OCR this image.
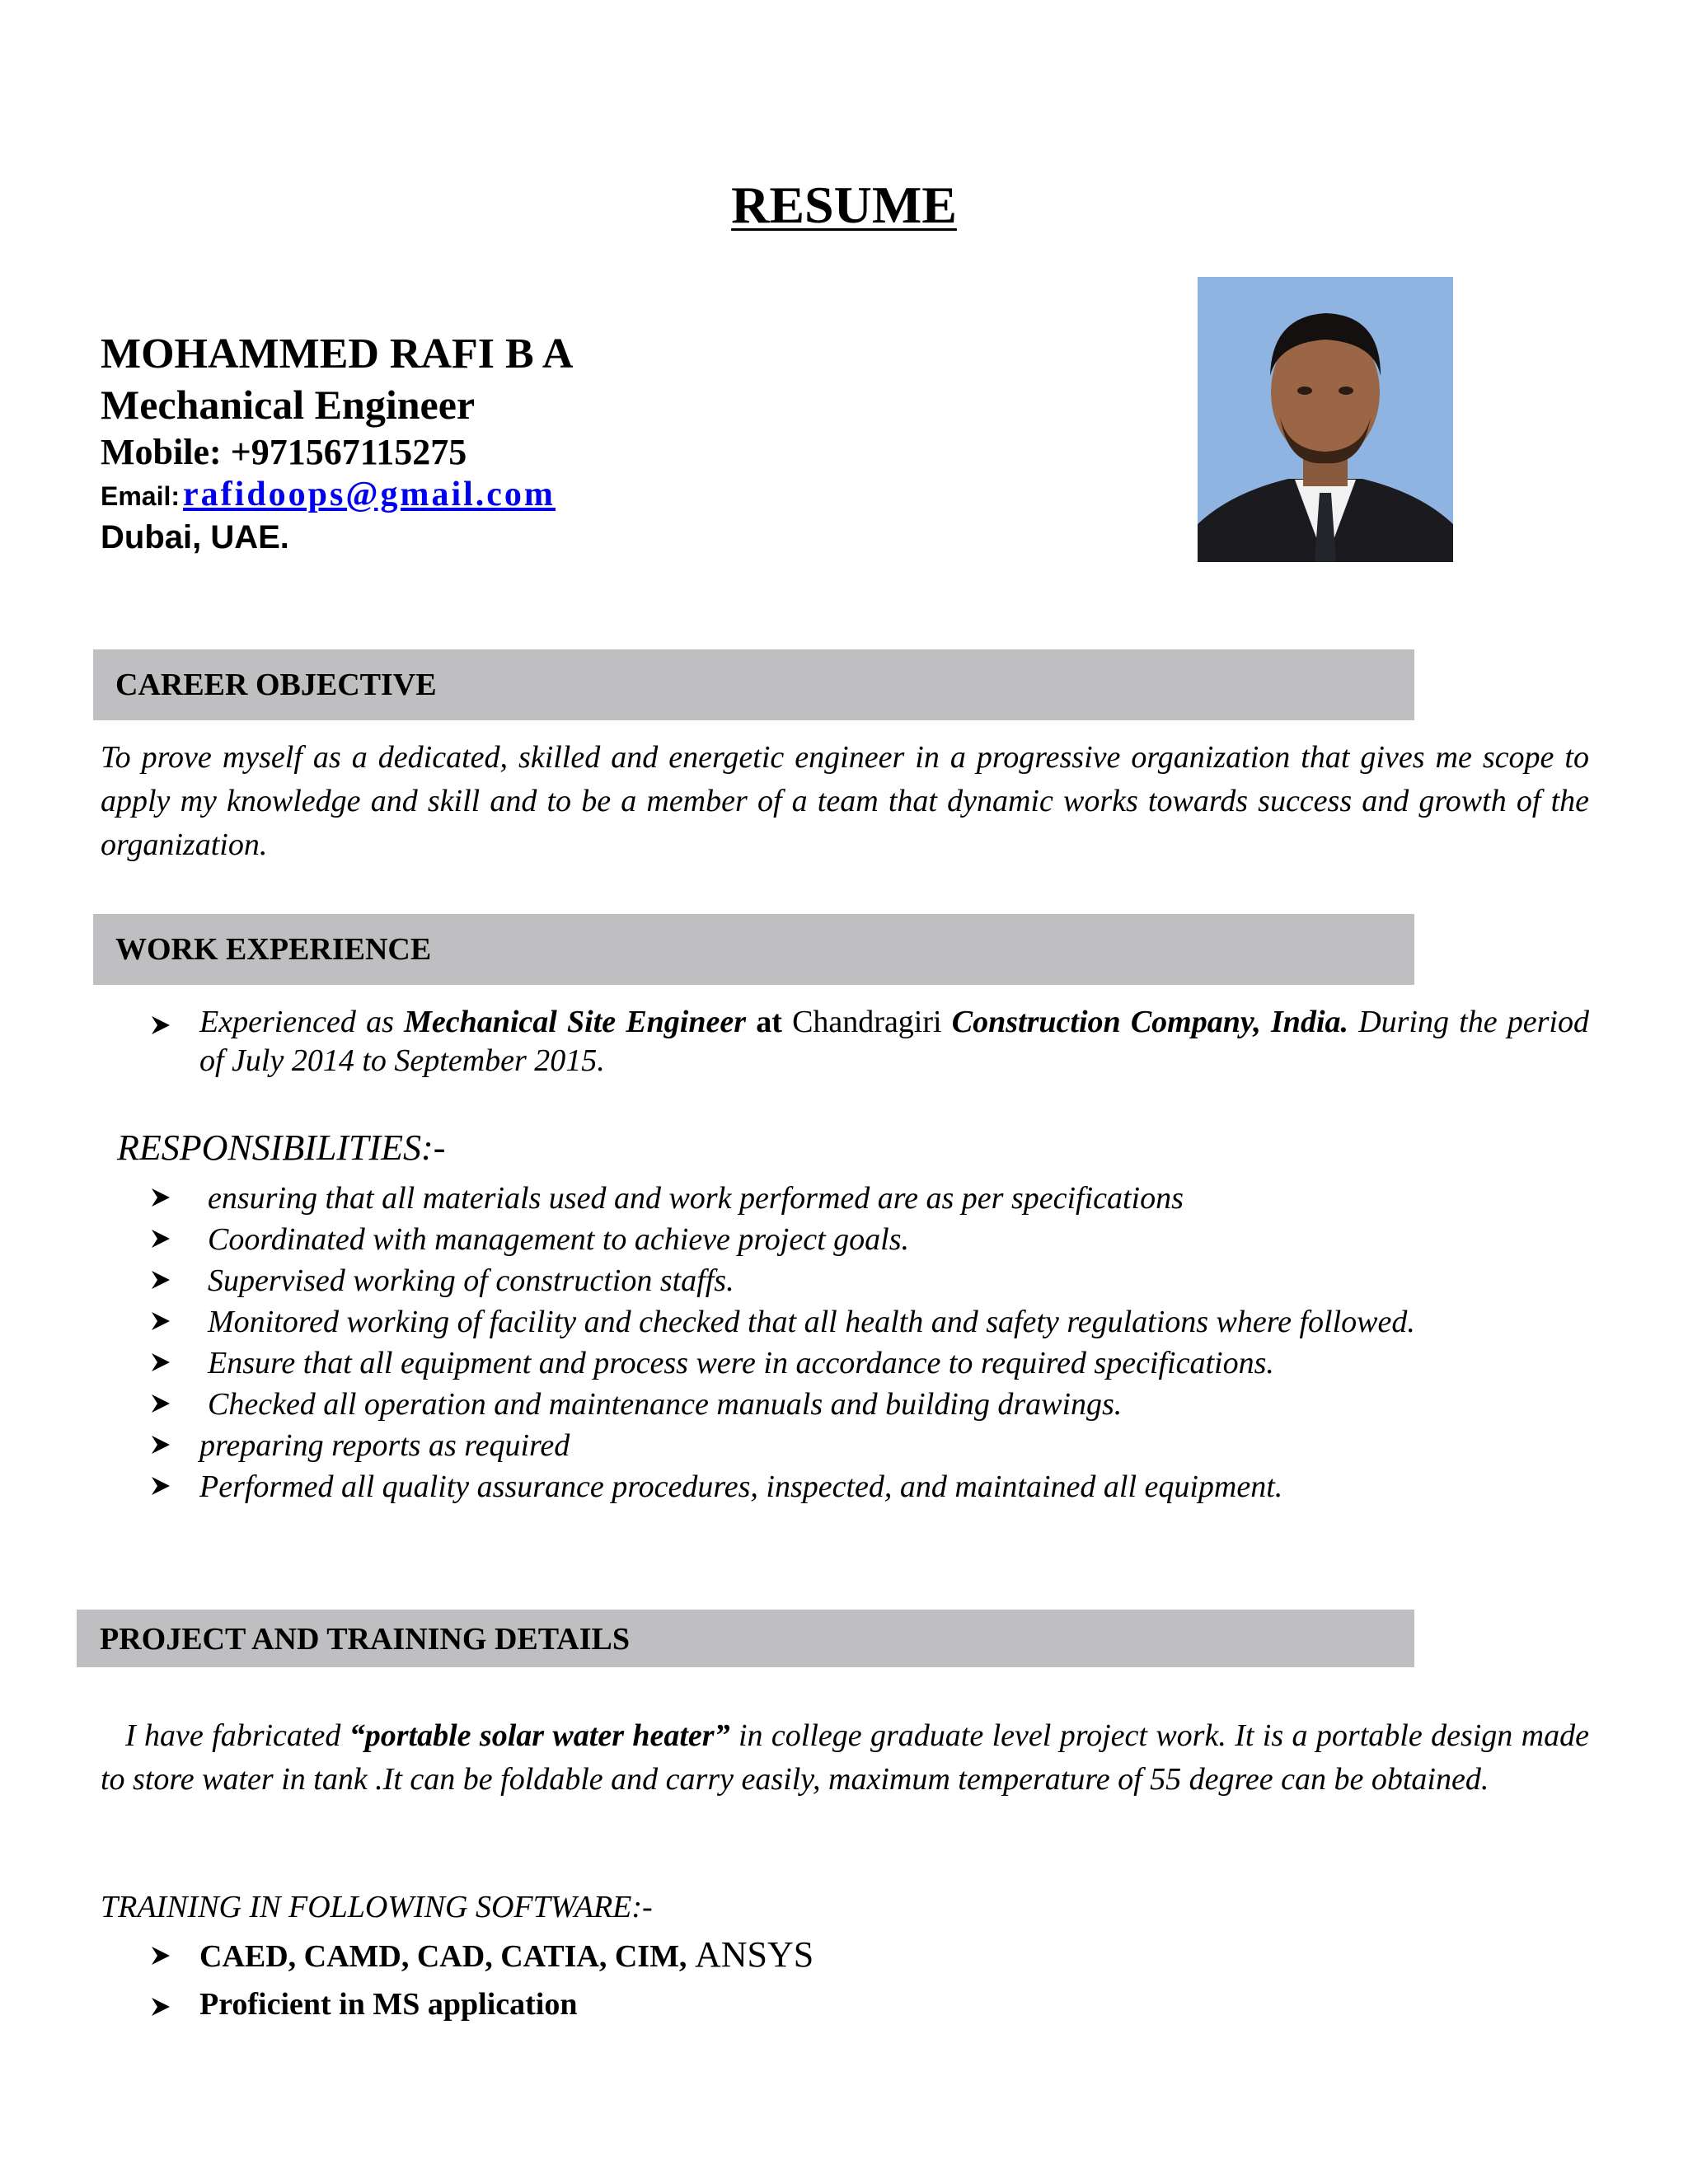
RESUME
MOHAMMED RAFI B A
Mechanical Engineer
Mobile: +971567115275
Email: rafidoops@gmail.com
Dubai, UAE.
CAREER OBJECTIVE
To prove myself as a dedicated, skilled and energetic engineer in a progressive organization that gives me scope to apply my knowledge and skill and to be a member of a team that dynamic works towards success and growth of the organization.
WORK EXPERIENCE
Experienced as Mechanical Site Engineer at Chandragiri Construction Company, India. During the period of July 2014 to September 2015.
RESPONSIBILITIES:-
ensuring that all materials used and work performed are as per specifications
Coordinated with management to achieve project goals.
Supervised working of construction staffs.
Monitored working of facility and checked that all health and safety regulations where followed.
Ensure that all equipment and process were in accordance to required specifications.
Checked all operation and maintenance manuals and building drawings.
preparing reports as required
Performed all quality assurance procedures, inspected, and maintained all equipment.
PROJECT AND TRAINING DETAILS
I have fabricated “portable solar water heater” in college graduate level project work. It is a portable design made to store water in tank .It can be foldable and carry easily, maximum temperature of 55 degree can be obtained.
TRAINING IN FOLLOWING SOFTWARE:-
CAED, CAMD, CAD, CATIA, CIM, ANSYS
Proficient in MS application
